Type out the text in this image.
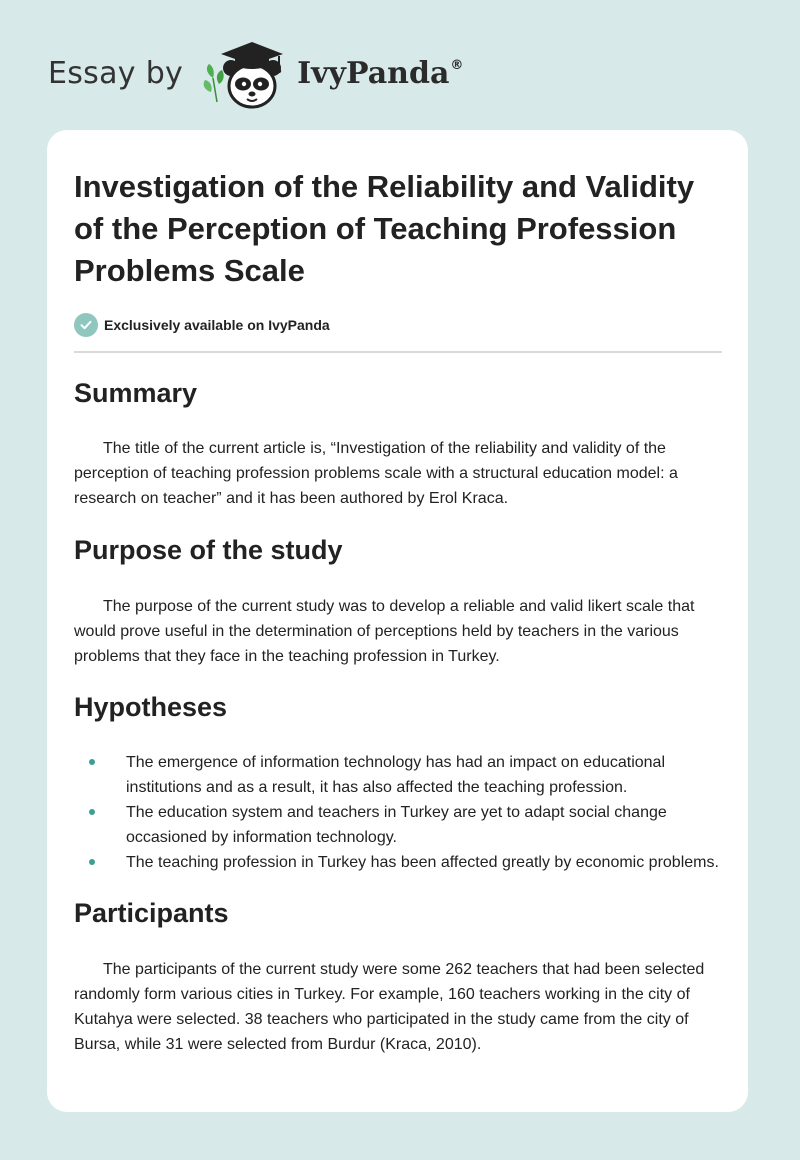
Essay by	IvyPanda®
Investigation of the Reliability and Validity of the Perception of Teaching Profession Problems Scale
Exclusively available on IvyPanda
Summary

The title of the current article is, “Investigation of the reliability and validity of the perception of teaching profession problems scale with a structural education model: a research on teacher” and it has been authored by Erol Kraca.

Purpose of the study

The purpose of the current study was to develop a reliable and valid likert scale that would prove useful in the determination of perceptions held by teachers in the various problems that they face in the teaching profession in Turkey.

Hypotheses
The emergence of information technology has had an impact on educational institutions and as a result, it has also affected the teaching profession.
The education system and teachers in Turkey are yet to adapt social change occasioned by information technology.
The teaching profession in Turkey has been affected greatly by economic problems.
Participants

The participants of the current study were some 262 teachers that had been selected randomly form various cities in Turkey. For example, 160 teachers working in the city of Kutahya were selected. 38 teachers who participated in the study came from the city of Bursa, while 31 were selected from Burdur (Kraca, 2010).
